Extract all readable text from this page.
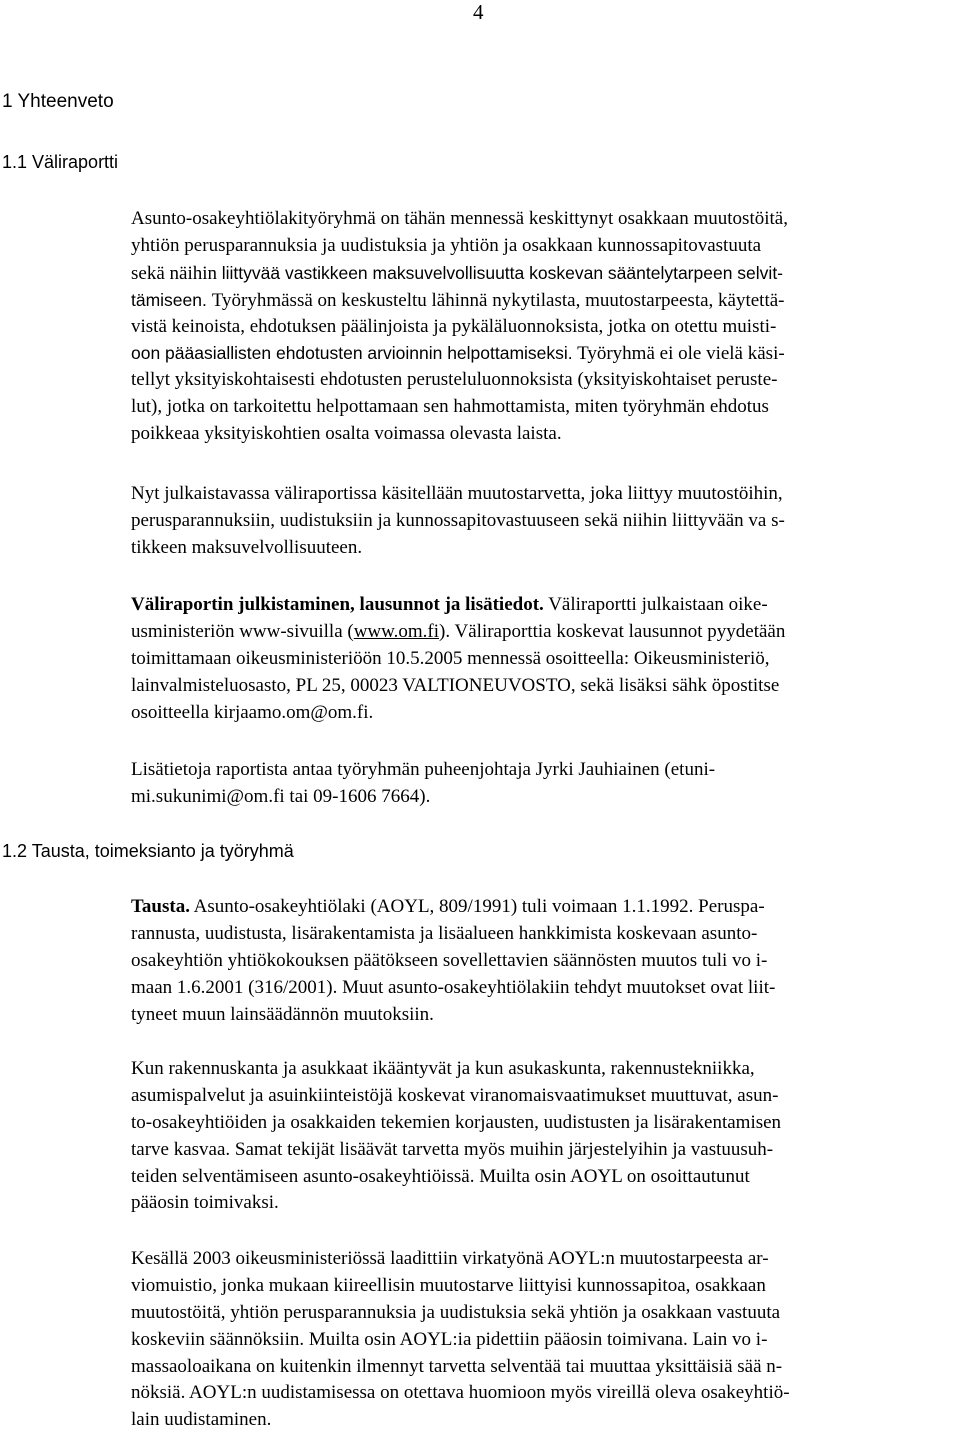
4
1 Yhteenveto
1.1 Väliraportti

Asunto-osakeyhtiölakityöryhmä on tähän mennessä keskittynyt osakkaan muutostöitä,
yhtiön perusparannuksia ja uudistuksia ja yhtiön ja osakkaan kunnossapitovastuuta
sekä näihin liittyvää vastikkeen maksuvelvollisuutta koskevan sääntelytarpeen selvit-
tämiseen. Työryhmässä on keskusteltu lähinnä nykytilasta, muutostarpeesta, käytettä-
vistä keinoista, ehdotuksen päälinjoista ja pykäläluonnoksista, jotka on otettu muisti-
oon pääasiallisten ehdotusten arvioinnin helpottamiseksi. Työryhmä ei ole vielä käsi-
tellyt yksityiskohtaisesti ehdotusten perusteluluonnoksista (yksityiskohtaiset peruste-
lut), jotka on tarkoitettu helpottamaan sen hahmottamista, miten työryhmän ehdotus
poikkeaa yksityiskohtien osalta voimassa olevasta laista.

Nyt julkaistavassa väliraportissa käsitellään muutostarvetta, joka liittyy muutostöihin,
perusparannuksiin, uudistuksiin ja kunnossapitovastuuseen sekä niihin liittyvään va s-
tikkeen maksuvelvollisuuteen.

Väliraportin julkistaminen, lausunnot ja lisätiedot. Väliraportti julkaistaan oike-
usministeriön www-sivuilla (www.om.fi). Väliraporttia koskevat lausunnot pyydetään
toimittamaan oikeusministeriöön 10.5.2005 mennessä osoitteella: Oikeusministeriö,
lainvalmisteluosasto, PL 25, 00023 VALTIONEUVOSTO, sekä lisäksi sähk öpostitse
osoitteella kirjaamo.om@om.fi.

Lisätietoja raportista antaa työryhmän puheenjohtaja Jyrki Jauhiainen (etuni-
mi.sukunimi@om.fi tai 09-1606 7664).

1.2 Tausta, toimeksianto ja työryhmä

Tausta. Asunto-osakeyhtiölaki (AOYL, 809/1991) tuli voimaan 1.1.1992. Peruspa-
rannusta, uudistusta, lisärakentamista ja lisäalueen hankkimista koskevaan asunto-
osakeyhtiön yhtiökokouksen päätökseen sovellettavien säännösten muutos tuli vo i-
maan 1.6.2001 (316/2001). Muut asunto-osakeyhtiölakiin tehdyt muutokset ovat liit-
tyneet muun lainsäädännön muutoksiin.

Kun rakennuskanta ja asukkaat ikääntyvät ja kun asukaskunta, rakennustekniikka,
asumispalvelut ja asuinkiinteistöjä koskevat viranomaisvaatimukset muuttuvat, asun-
to-osakeyhtiöiden ja osakkaiden tekemien korjausten, uudistusten ja lisärakentamisen
tarve kasvaa. Samat tekijät lisäävät tarvetta myös muihin järjestelyihin ja vastuusuh-
teiden selventämiseen asunto-osakeyhtiöissä. Muilta osin AOYL on osoittautunut
pääosin toimivaksi.

Kesällä 2003 oikeusministeriössä laadittiin virkatyönä AOYL:n muutostarpeesta ar-
viomuistio, jonka mukaan kiireellisin muutostarve liittyisi kunnossapitoa, osakkaan
muutostöitä, yhtiön perusparannuksia ja uudistuksia sekä yhtiön ja osakkaan vastuuta
koskeviin säännöksiin. Muilta osin AOYL:ia pidettiin pääosin toimivana. Lain vo i-
massaoloaikana on kuitenkin ilmennyt tarvetta selventää tai muuttaa yksittäisiä sää n-
nöksiä. AOYL:n uudistamisessa on otettava huomioon myös vireillä oleva osakeyhtiö-
lain uudistaminen.
